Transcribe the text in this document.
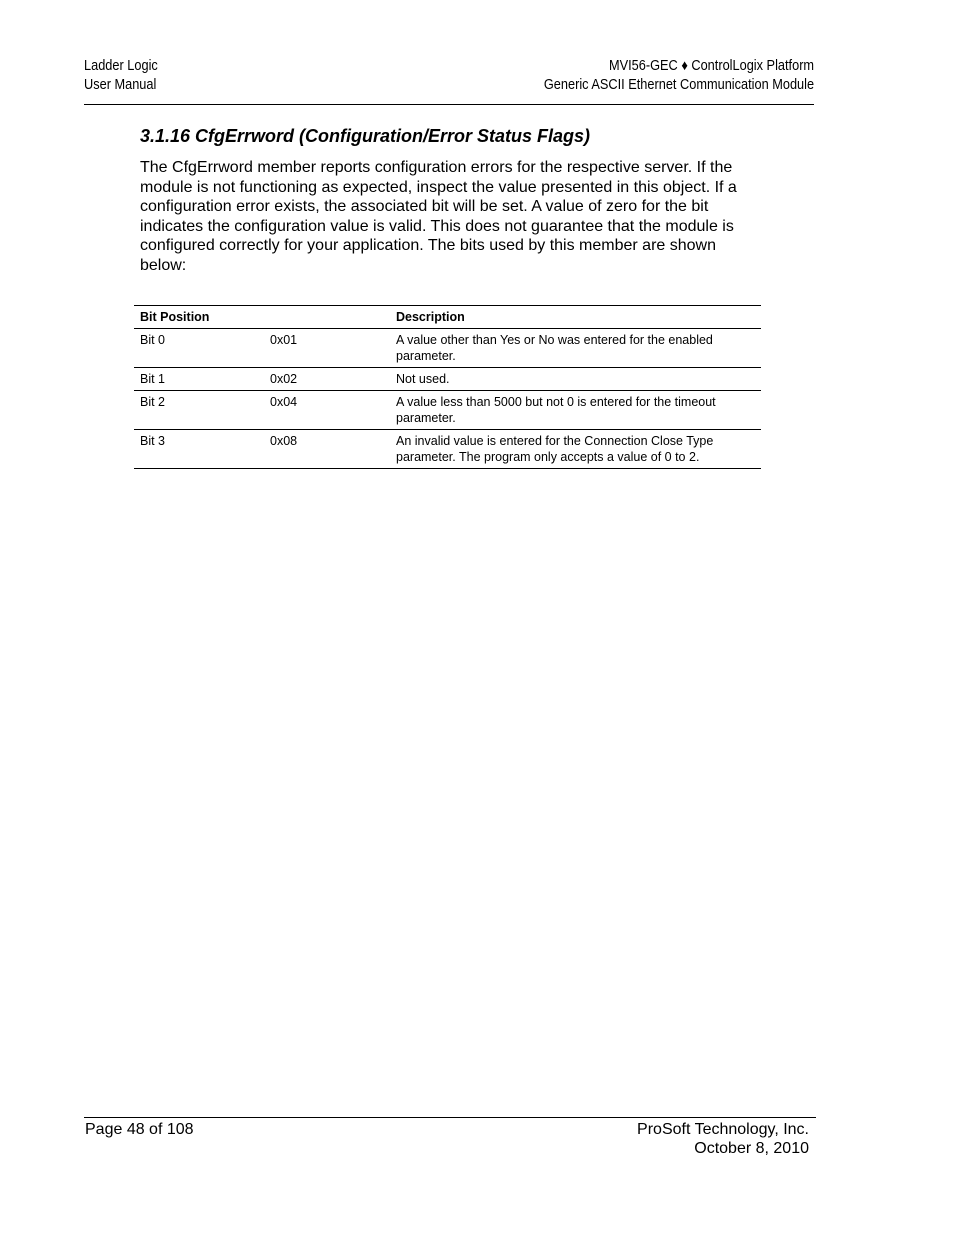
Ladder Logic
User Manual
MVI56-GEC ♦ ControlLogix Platform
Generic ASCII Ethernet Communication Module
3.1.16 CfgErrword (Configuration/Error Status Flags)
The CfgErrword member reports configuration errors for the respective server. If the module is not functioning as expected, inspect the value presented in this object. If a configuration error exists, the associated bit will be set. A value of zero for the bit indicates the configuration value is valid. This does not guarantee that the module is configured correctly for your application. The bits used by this member are shown below:
Bit Position		Description
Bit 0	0x01	A value other than Yes or No was entered for the enabled parameter.
Bit 1	0x02	Not used.
Bit 2	0x04	A value less than 5000 but not 0 is entered for the timeout parameter.
Bit 3	0x08	An invalid value is entered for the Connection Close Type parameter. The program only accepts a value of 0 to 2.
Page 48 of 108	ProSoft Technology, Inc.
October 8, 2010
